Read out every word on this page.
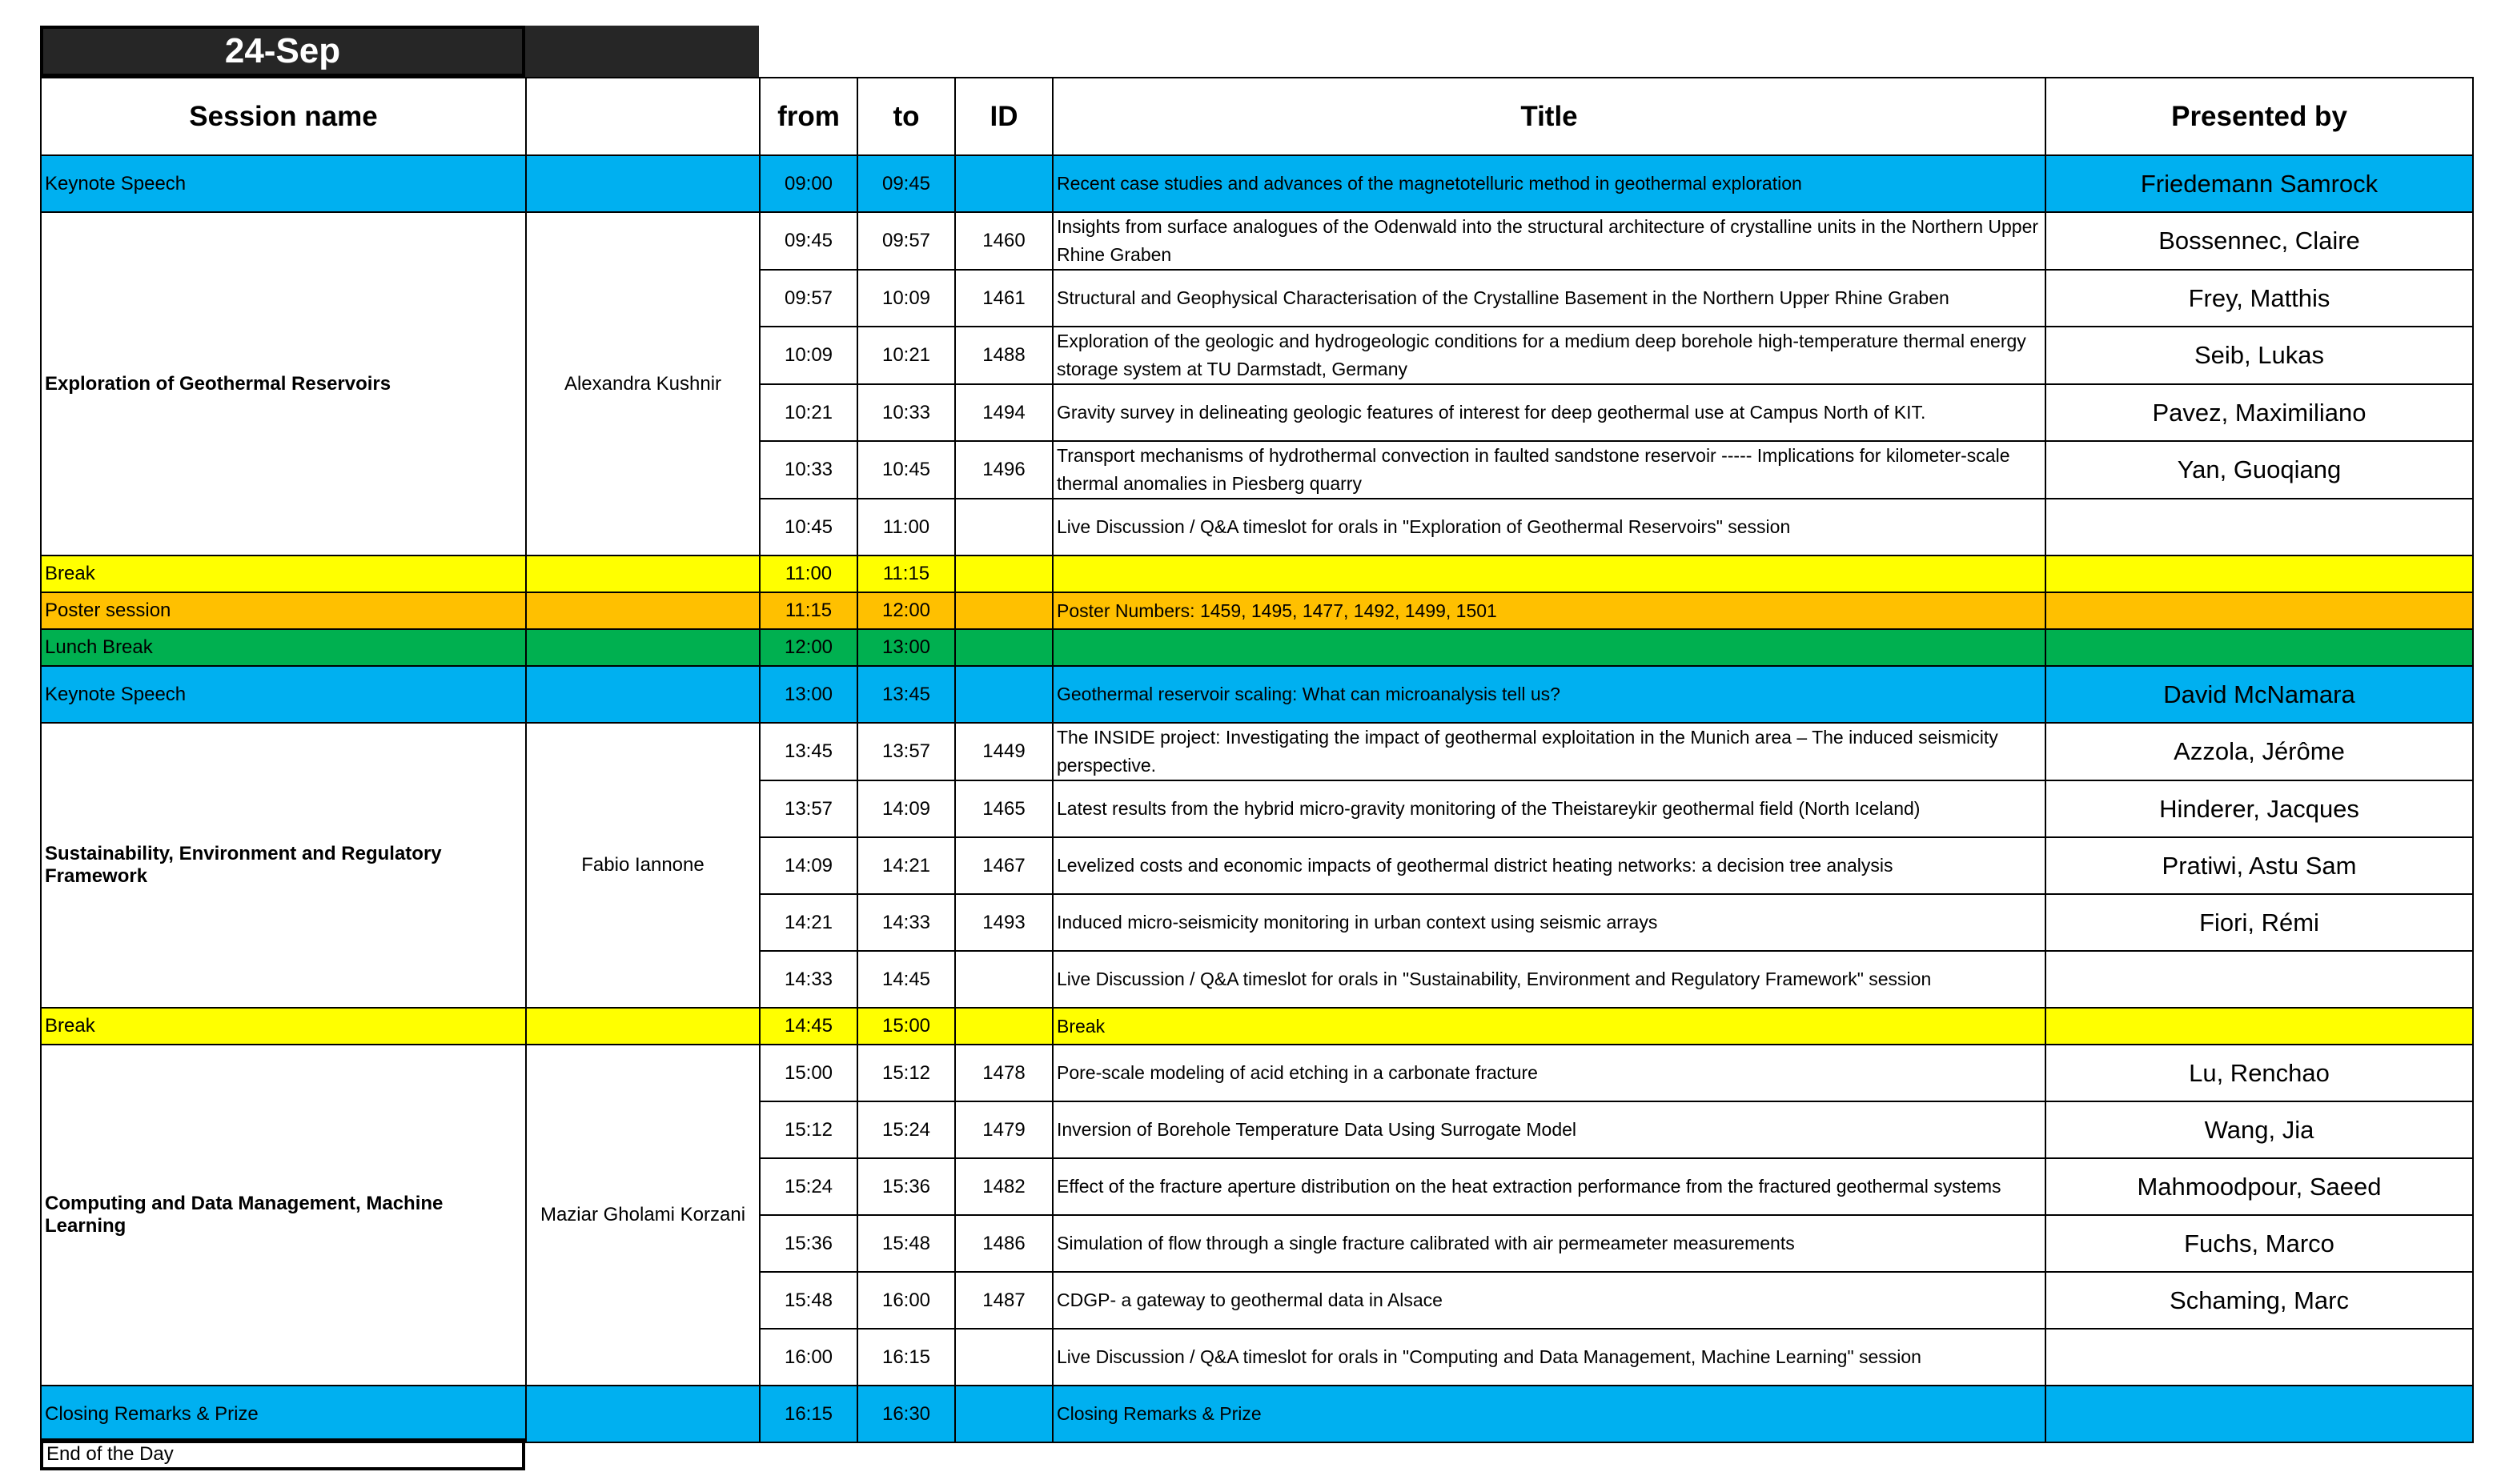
24-Sep
Session name		from	to	ID	Title	Presented by
Keynote Speech		09:00	09:45		Recent case studies and advances of the magnetotelluric method in geothermal exploration	Friedemann Samrock
Exploration of Geothermal Reservoirs	Alexandra Kushnir	09:45	09:57	1460	Insights from surface analogues of the Odenwald into the structural architecture of crystalline units in the Northern Upper Rhine Graben	Bossennec, Claire
		09:57	10:09	1461	Structural and Geophysical Characterisation of the Crystalline Basement in the Northern Upper Rhine Graben	Frey, Matthis
		10:09	10:21	1488	Exploration of the geologic and hydrogeologic conditions for a medium deep borehole high-temperature thermal energy storage system at TU Darmstadt, Germany	Seib, Lukas
		10:21	10:33	1494	Gravity survey in delineating geologic features of interest for deep geothermal use at Campus North of KIT.	Pavez, Maximiliano
		10:33	10:45	1496	Transport mechanisms of hydrothermal convection in faulted sandstone reservoir ----- Implications for kilometer-scale thermal anomalies in Piesberg quarry	Yan, Guoqiang
		10:45	11:00		Live Discussion / Q&A timeslot for orals in "Exploration of Geothermal Reservoirs" session	
Break		11:00	11:15			
Poster session		11:15	12:00		Poster Numbers: 1459, 1495, 1477, 1492, 1499, 1501	
Lunch Break		12:00	13:00			
Keynote Speech		13:00	13:45		Geothermal reservoir scaling: What can microanalysis tell us?	David McNamara
Sustainability, Environment and Regulatory Framework	Fabio Iannone	13:45	13:57	1449	The INSIDE project: Investigating the impact of geothermal exploitation in the Munich area – The induced seismicity perspective.	Azzola, Jérôme
		13:57	14:09	1465	Latest results from the hybrid micro-gravity monitoring of the Theistareykir geothermal field (North Iceland)	Hinderer, Jacques
		14:09	14:21	1467	Levelized costs and economic impacts of geothermal district heating networks: a decision tree analysis	Pratiwi, Astu Sam
		14:21	14:33	1493	Induced micro-seismicity monitoring in urban context using seismic arrays	Fiori, Rémi
		14:33	14:45		Live Discussion / Q&A timeslot for orals in "Sustainability, Environment and Regulatory Framework" session	
Break		14:45	15:00		Break	
Computing and Data Management, Machine Learning	Maziar Gholami Korzani	15:00	15:12	1478	Pore-scale modeling of acid etching in a carbonate fracture	Lu, Renchao
		15:12	15:24	1479	Inversion of Borehole Temperature Data Using Surrogate Model	Wang, Jia
		15:24	15:36	1482	Effect of the fracture aperture distribution on the heat extraction performance from the fractured geothermal systems	Mahmoodpour, Saeed
		15:36	15:48	1486	Simulation of flow through a single fracture calibrated with air permeameter measurements	Fuchs, Marco
		15:48	16:00	1487	CDGP- a gateway to geothermal data in Alsace	Schaming, Marc
		16:00	16:15		Live Discussion / Q&A timeslot for orals in "Computing and Data Management, Machine Learning" session	
Closing Remarks & Prize		16:15	16:30		Closing Remarks & Prize	
End of the Day
